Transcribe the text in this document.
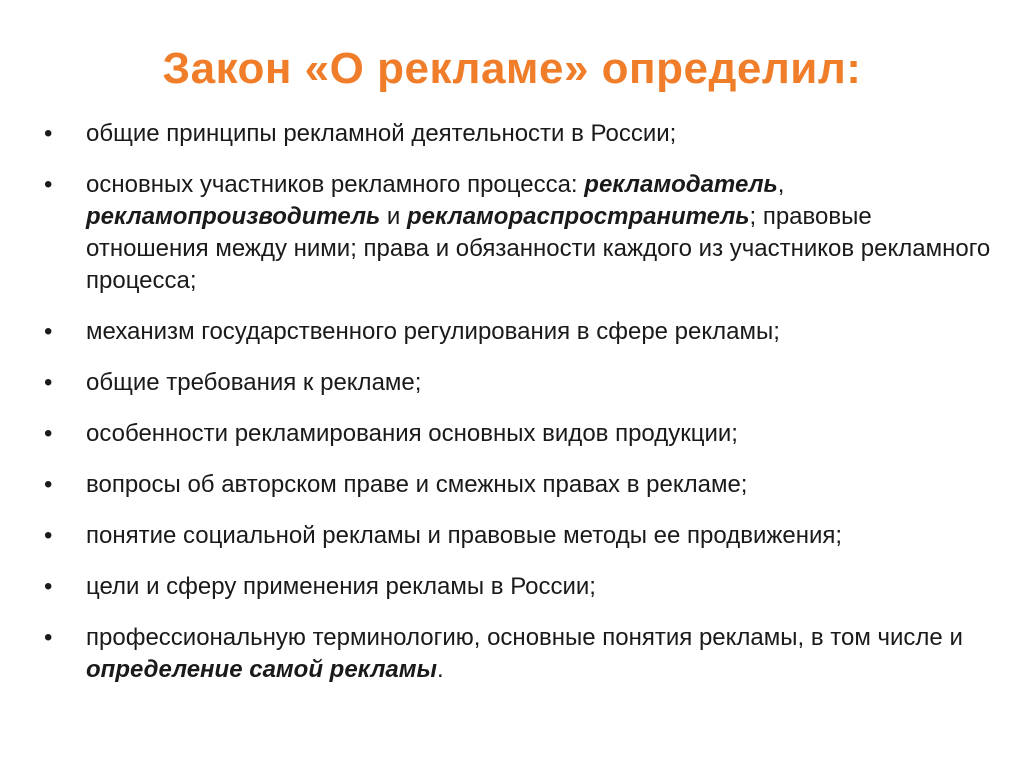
Закон «О рекламе» определил:
• общие принципы рекламной деятельности в России;
• основных участников рекламного процесса: рекламодатель, рекламопроизводитель и рекламораспространитель; правовые отношения между ними; права и обязанности каждого из участников рекламного процесса;
• механизм государственного регулирования в сфере рекламы;
• общие требования к рекламе;
• особенности рекламирования основных видов продукции;
• вопросы об авторском праве и смежных правах в рекламе;
• понятие социальной рекламы и правовые методы ее продвижения;
• цели и сферу применения рекламы в России;
• профессиональную терминологию, основные понятия рекламы, в том числе и определение самой рекламы.
